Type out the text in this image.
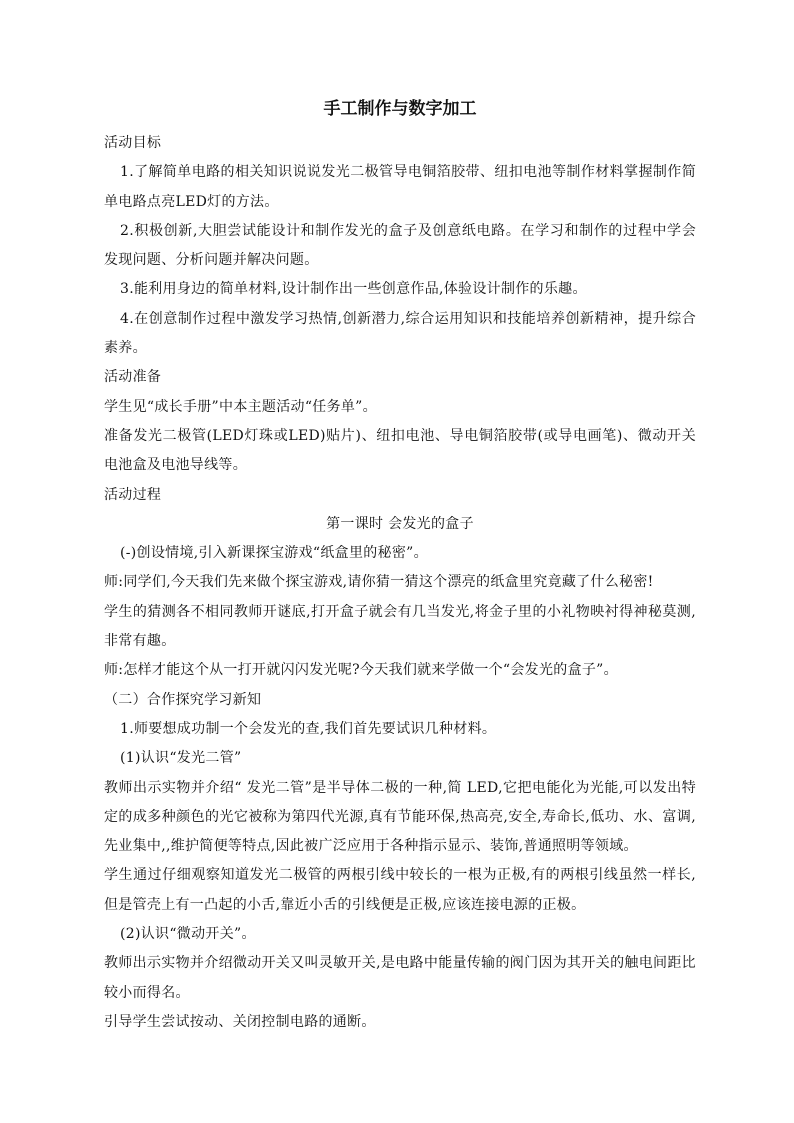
手工制作与数字加工

活动目标

1.了解简单电路的相关知识说说发光二极管导电铜箔胶带、纽扣电池等制作材料掌握制作简单电路点亮LED灯的方法。

2.积极创新,大胆尝试能设计和制作发光的盒子及创意纸电路。在学习和制作的过程中学会发现问题、分析问题并解决问题。

3.能利用身边的简单材料,设计制作出一些创意作品,体验设计制作的乐趣。

4.在创意制作过程中激发学习热情,创新潜力,综合运用知识和技能培养创新精神，提升综合素养。

活动准备

学生见“成长手册”中本主题活动“任务单”。

准备发光二极管(LED灯珠或LED)贴片)、纽扣电池、导电铜箔胶带(或导电画笔)、微动开关电池盒及电池导线等。

活动过程

第一课时 会发光的盒子

(-)创设情境,引入新课探宝游戏“纸盒里的秘密”。

师:同学们,今天我们先来做个探宝游戏,请你猜一猜这个漂亮的纸盒里究竟藏了什么秘密!

学生的猜测各不相同教师开谜底,打开盒子就会有几当发光,将金子里的小礼物映衬得神秘莫测,非常有趣。

师:怎样才能这个从一打开就闪闪发光呢?今天我们就来学做一个“会发光的盒子”。

（二）合作探究学习新知

1.师要想成功制一个会发光的查,我们首先要试识几种材料。

(1)认识“发光二管”

教师出示实物并介绍“ 发光二管”是半导体二极的一种,简 LED,它把电能化为光能,可以发出特定的成多种颜色的光它被称为第四代光源,真有节能环保,热高亮,安全,寿命长,低功、水、富调,先业集中,,维护简便等特点,因此被广泛应用于各种指示显示、装饰,普通照明等领域。

学生通过仔细观察知道发光二极管的两根引线中较长的一根为正极,有的两根引线虽然一样长,但是管壳上有一凸起的小舌,靠近小舌的引线便是正极,应该连接电源的正极。

(2)认识“微动开关”。

教师出示实物并介绍微动开关又叫灵敏开关,是电路中能量传输的阀门因为其开关的触电间距比较小而得名。

引导学生尝试按动、关闭控制电路的通断。
